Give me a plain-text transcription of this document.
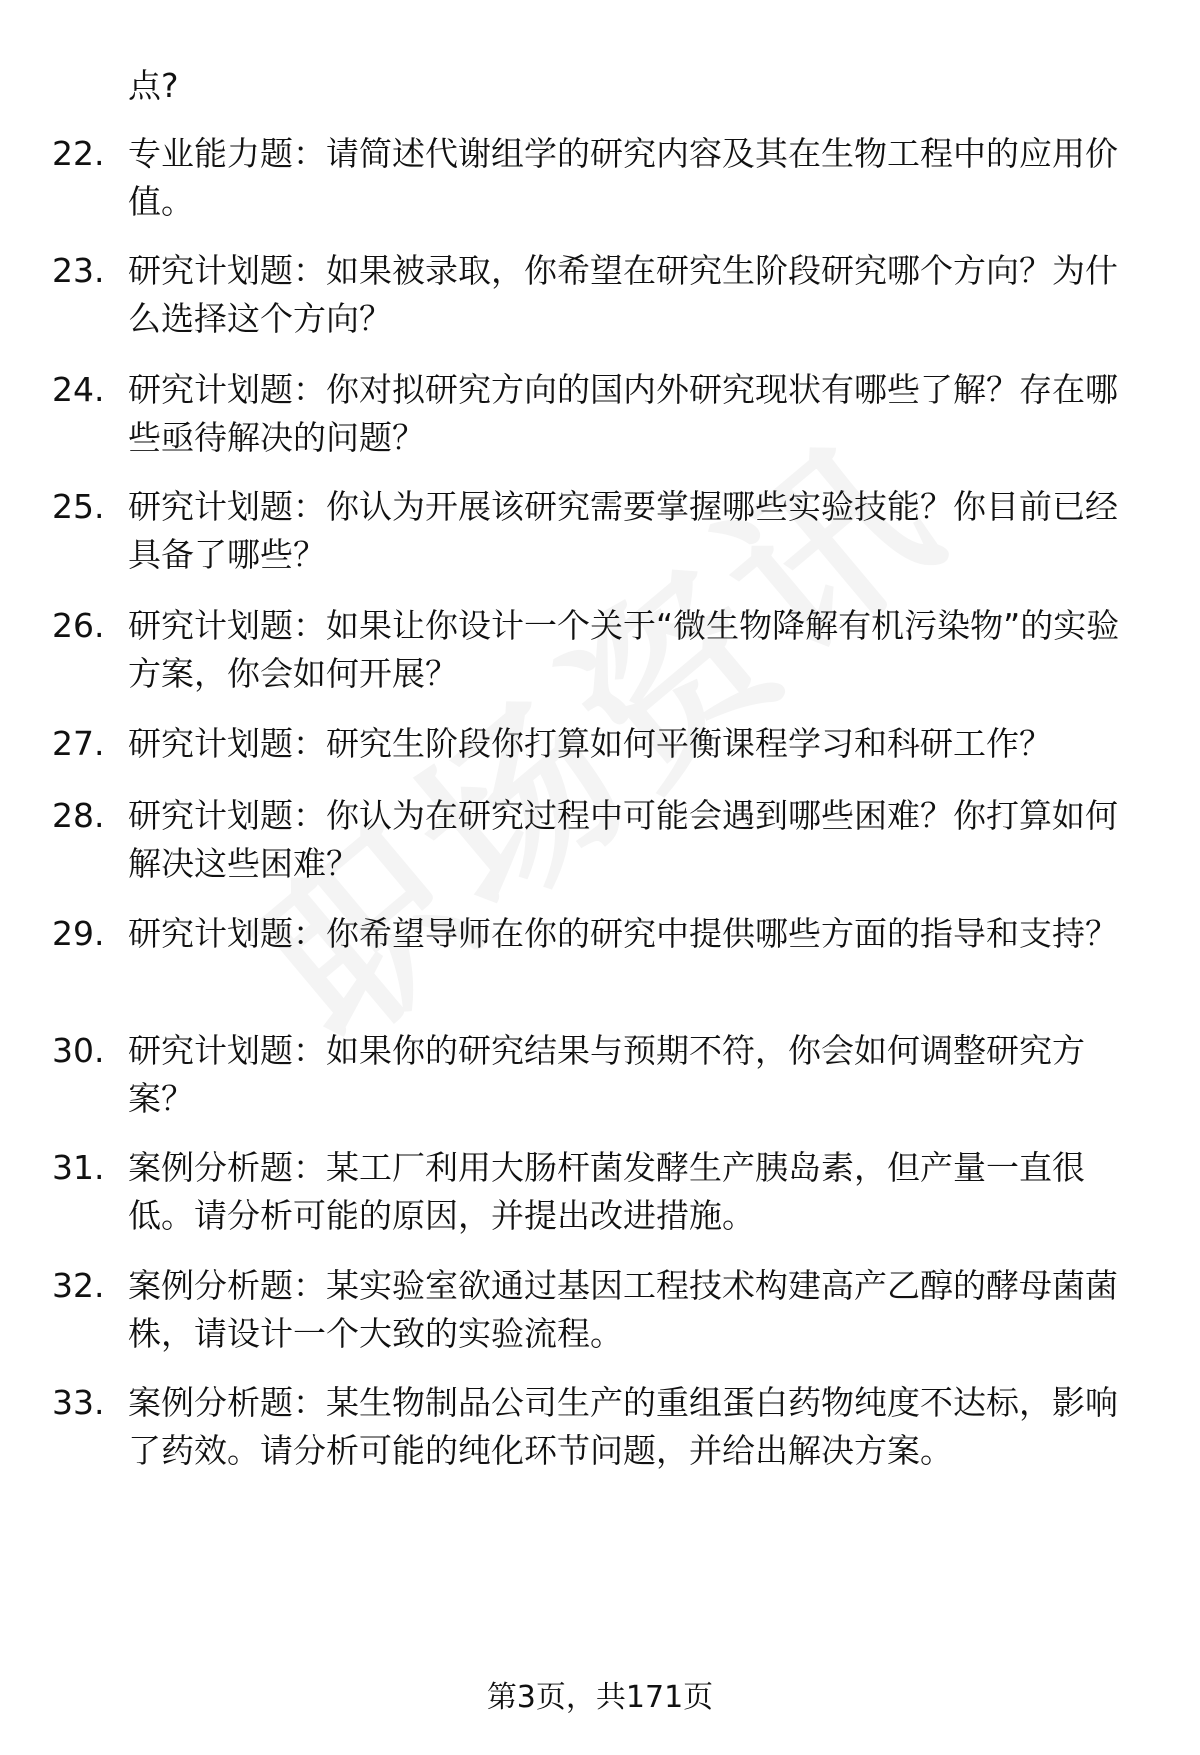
点?

22. 专业能力题：请简述代谢组学的研究内容及其在生物工程中的应用价值。

23. 研究计划题：如果被录取，你希望在研究生阶段研究哪个方向？为什么选择这个方向？

24. 研究计划题：你对拟研究方向的国内外研究现状有哪些了解？存在哪些亟待解决的问题？

25. 研究计划题：你认为开展该研究需要掌握哪些实验技能？你目前已经具备了哪些？

26. 研究计划题：如果让你设计一个关于“微生物降解有机污染物”的实验方案，你会如何开展？

27. 研究计划题：研究生阶段你打算如何平衡课程学习和科研工作？

28. 研究计划题：你认为在研究过程中可能会遇到哪些困难？你打算如何解决这些困难？

29. 研究计划题：你希望导师在你的研究中提供哪些方面的指导和支持？

30. 研究计划题：如果你的研究结果与预期不符，你会如何调整研究方案？

31. 案例分析题：某工厂利用大肠杆菌发酵生产胰岛素，但产量一直很低。请分析可能的原因，并提出改进措施。

32. 案例分析题：某实验室欲通过基因工程技术构建高产乙醇的酵母菌菌株，请设计一个大致的实验流程。

33. 案例分析题：某生物制品公司生产的重组蛋白药物纯度不达标，影响了药效。请分析可能的纯化环节问题，并给出解决方案。

第3页，共171页
